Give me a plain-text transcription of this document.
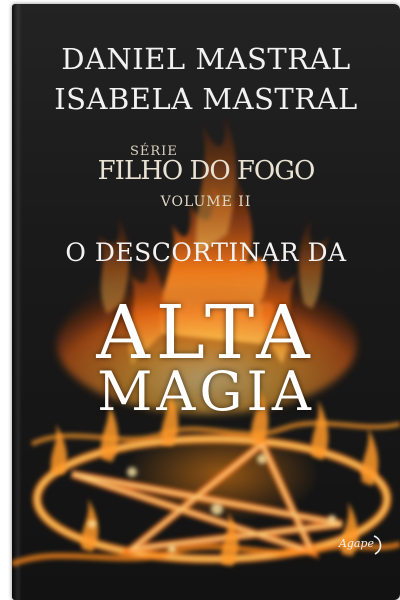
DANIEL MASTRAL
ISABELA MASTRAL
SÉRIE
FILHO DO FOGO
VOLUME II
O DESCORTINAR DA
ALTA
MAGIA
Agape
